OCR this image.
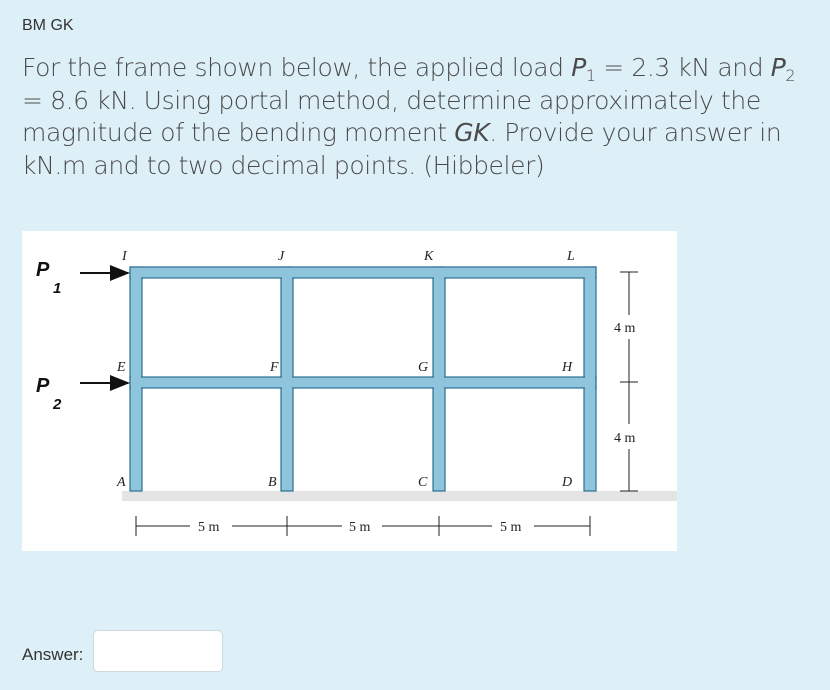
BM GK
For the frame shown below, the applied load $P_1 = 2.3$ kN and $P_2 = 8.6$ kN. Using portal method, determine approximately the magnitude of the bending moment GK. Provide your answer in kN.m and to two decimal points. (Hibbeler)
P
1
P
2
I	J	K	L
E	F	G	H
A	B	C	D
5 m	5 m	5 m
4 m
4 m
Answer:
